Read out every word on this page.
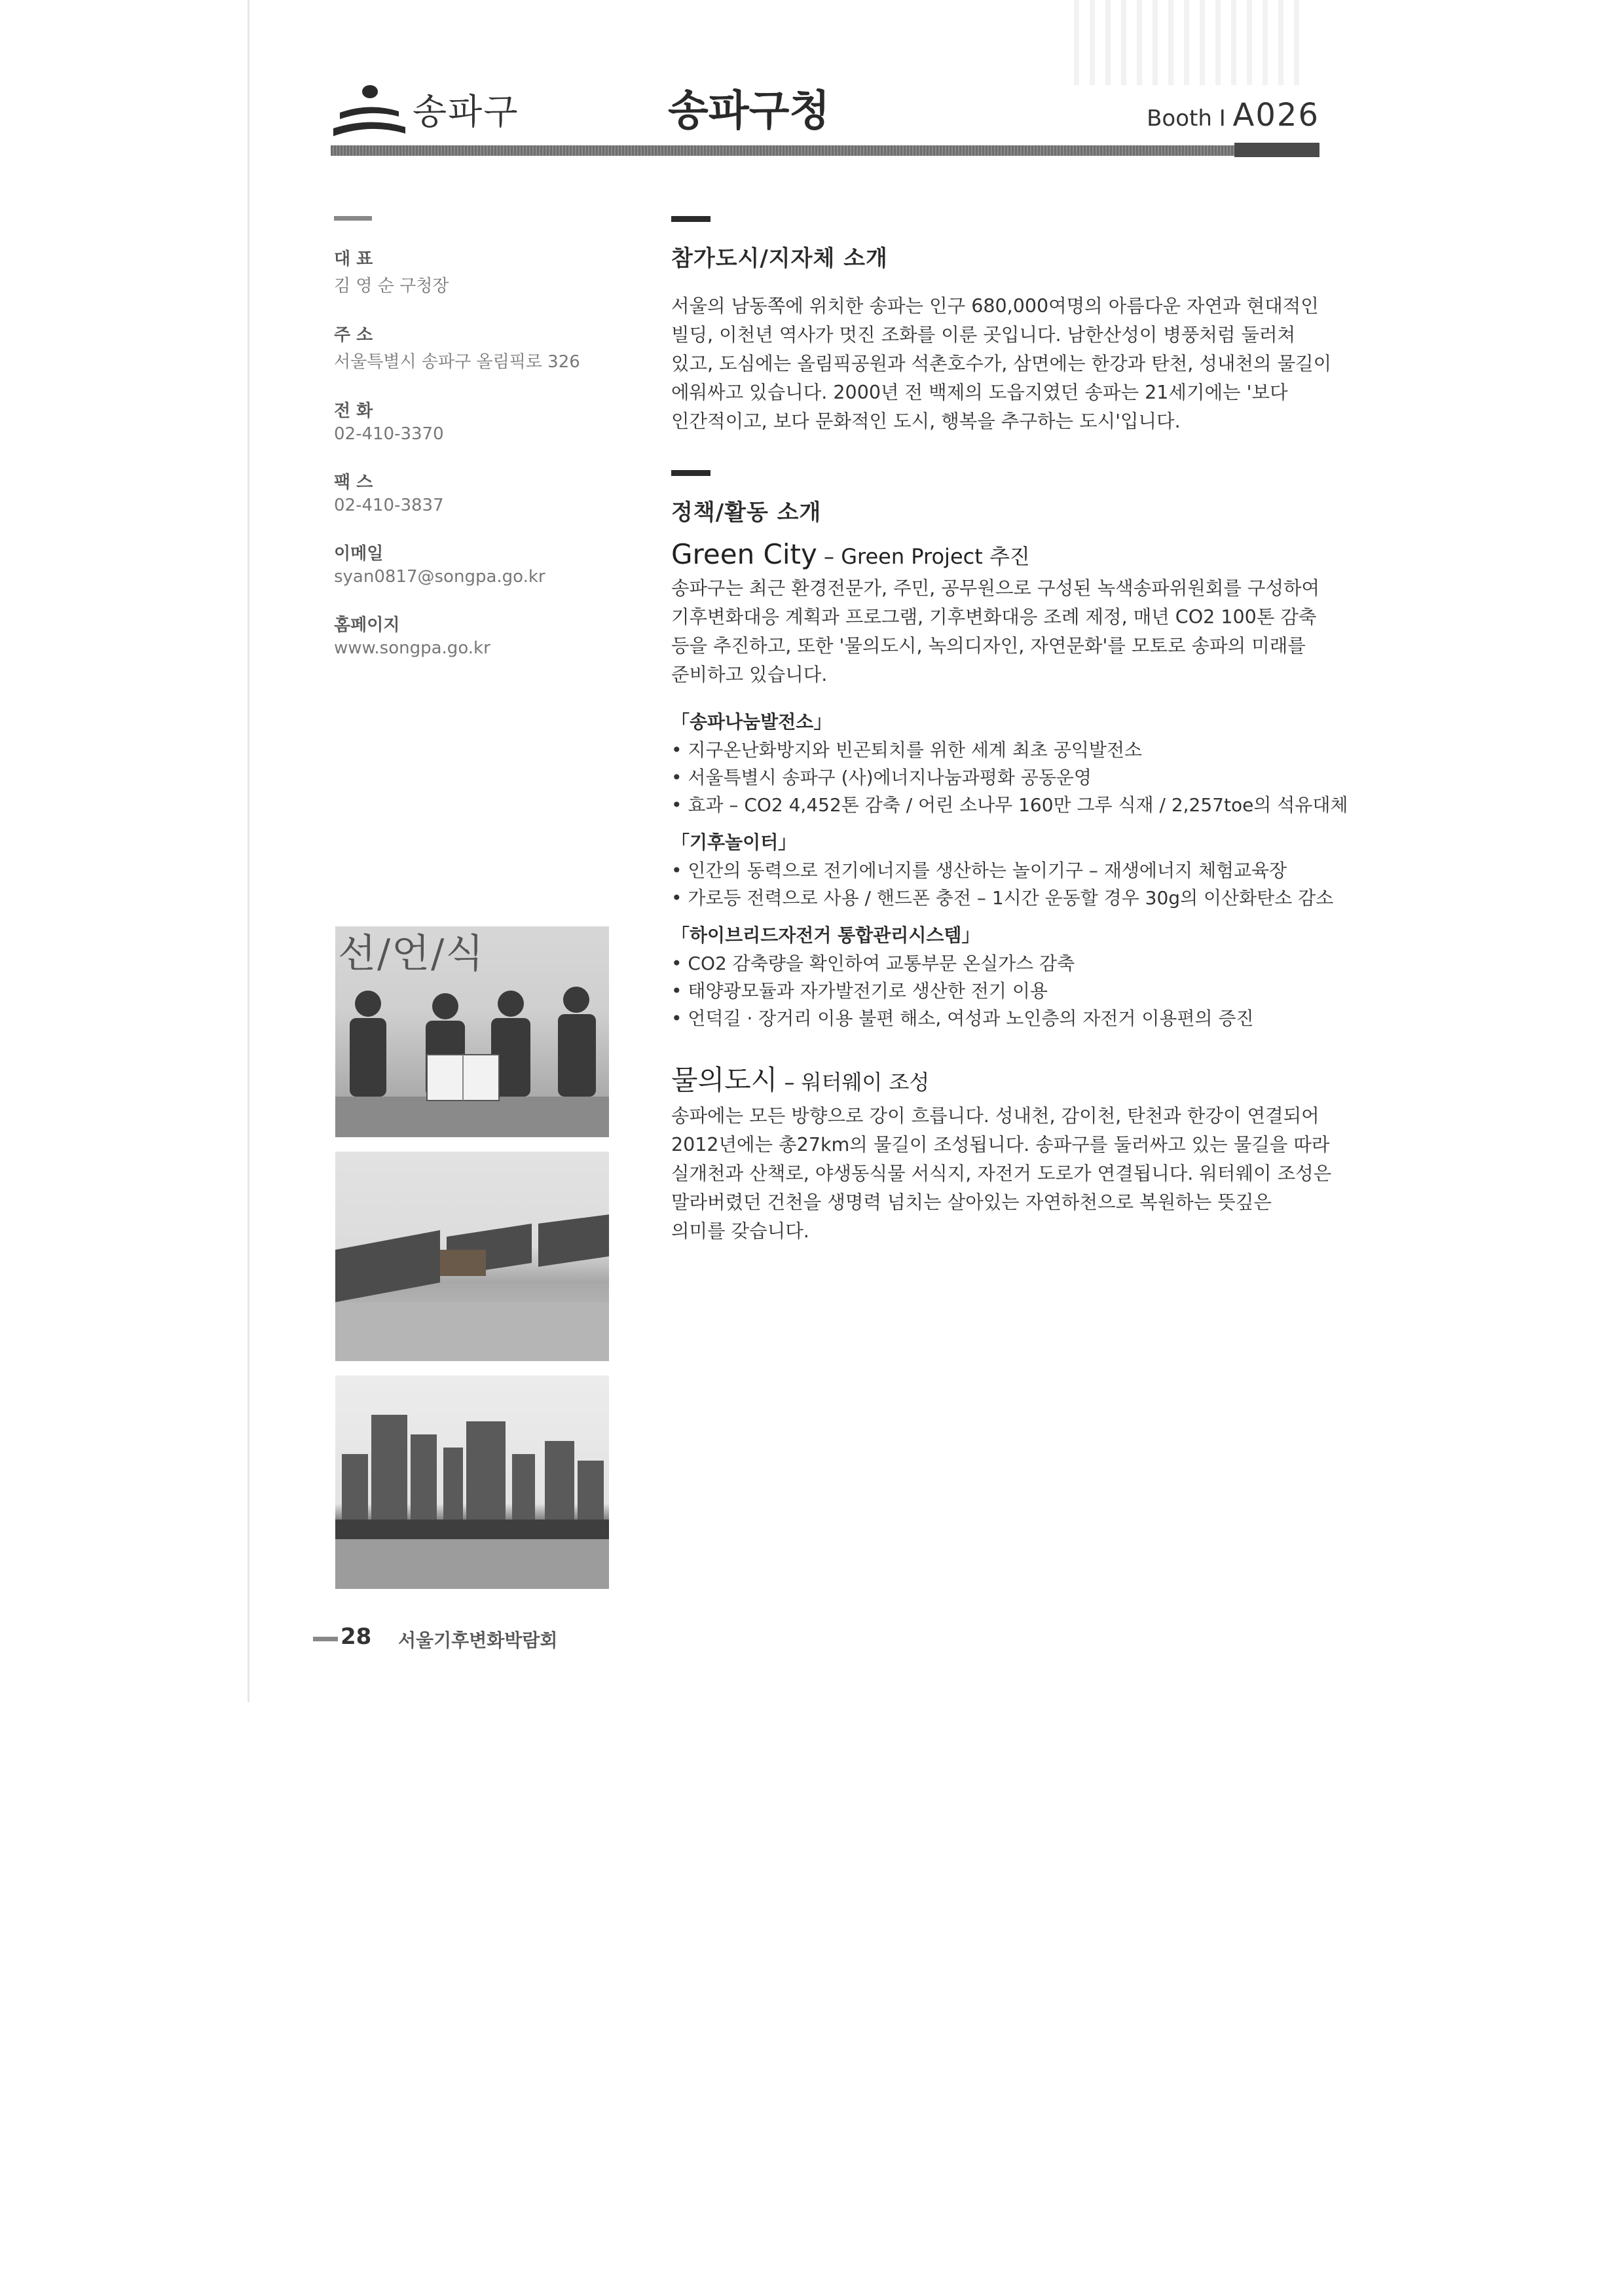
송파구	송파구청	Booth I A026

대 표

김 영 순 구청장

주 소

서울특별시 송파구 올림픽로 326

전 화

02-410-3370

팩 스

02-410-3837

이메일

syan0817@songpa.go.kr

홈페이지

www.songpa.go.kr

선/언/식
참가도시/지자체 소개

서울의 남동쪽에 위치한 송파는 인구 680,000여명의 아름다운 자연과 현대적인

빌딩, 이천년 역사가 멋진 조화를 이룬 곳입니다. 남한산성이 병풍처럼 둘러쳐

있고, 도심에는 올림픽공원과 석촌호수가, 삼면에는 한강과 탄천, 성내천의 물길이

에워싸고 있습니다. 2000년 전 백제의 도읍지였던 송파는 21세기에는 '보다

인간적이고, 보다 문화적인 도시, 행복을 추구하는 도시'입니다.

정책/활동 소개
Green City – Green Project 추진

송파구는 최근 환경전문가, 주민, 공무원으로 구성된 녹색송파위원회를 구성하여

기후변화대응 계획과 프로그램, 기후변화대응 조례 제정, 매년 CO2 100톤 감축

등을 추진하고, 또한 '물의도시, 녹의디자인, 자연문화'를 모토로 송파의 미래를

준비하고 있습니다.

「송파나눔발전소」

• 지구온난화방지와 빈곤퇴치를 위한 세계 최초 공익발전소

• 서울특별시 송파구 (사)에너지나눔과평화 공동운영

• 효과 – CO2 4,452톤 감축 / 어린 소나무 160만 그루 식재 / 2,257toe의 석유대체

「기후놀이터」

• 인간의 동력으로 전기에너지를 생산하는 놀이기구 – 재생에너지 체험교육장

• 가로등 전력으로 사용 / 핸드폰 충전 – 1시간 운동할 경우 30g의 이산화탄소 감소

「하이브리드자전거 통합관리시스템」

• CO2 감축량을 확인하여 교통부문 온실가스 감축

• 태양광모듈과 자가발전기로 생산한 전기 이용

• 언덕길 · 장거리 이용 불편 해소, 여성과 노인층의 자전거 이용편의 증진

물의도시 – 워터웨이 조성

송파에는 모든 방향으로 강이 흐릅니다. 성내천, 감이천, 탄천과 한강이 연결되어

2012년에는 총27km의 물길이 조성됩니다. 송파구를 둘러싸고 있는 물길을 따라

실개천과 산책로, 야생동식물 서식지, 자전거 도로가 연결됩니다. 워터웨이 조성은

말라버렸던 건천을 생명력 넘치는 살아있는 자연하천으로 복원하는 뜻깊은

의미를 갖습니다.

28 서울기후변화박람회
